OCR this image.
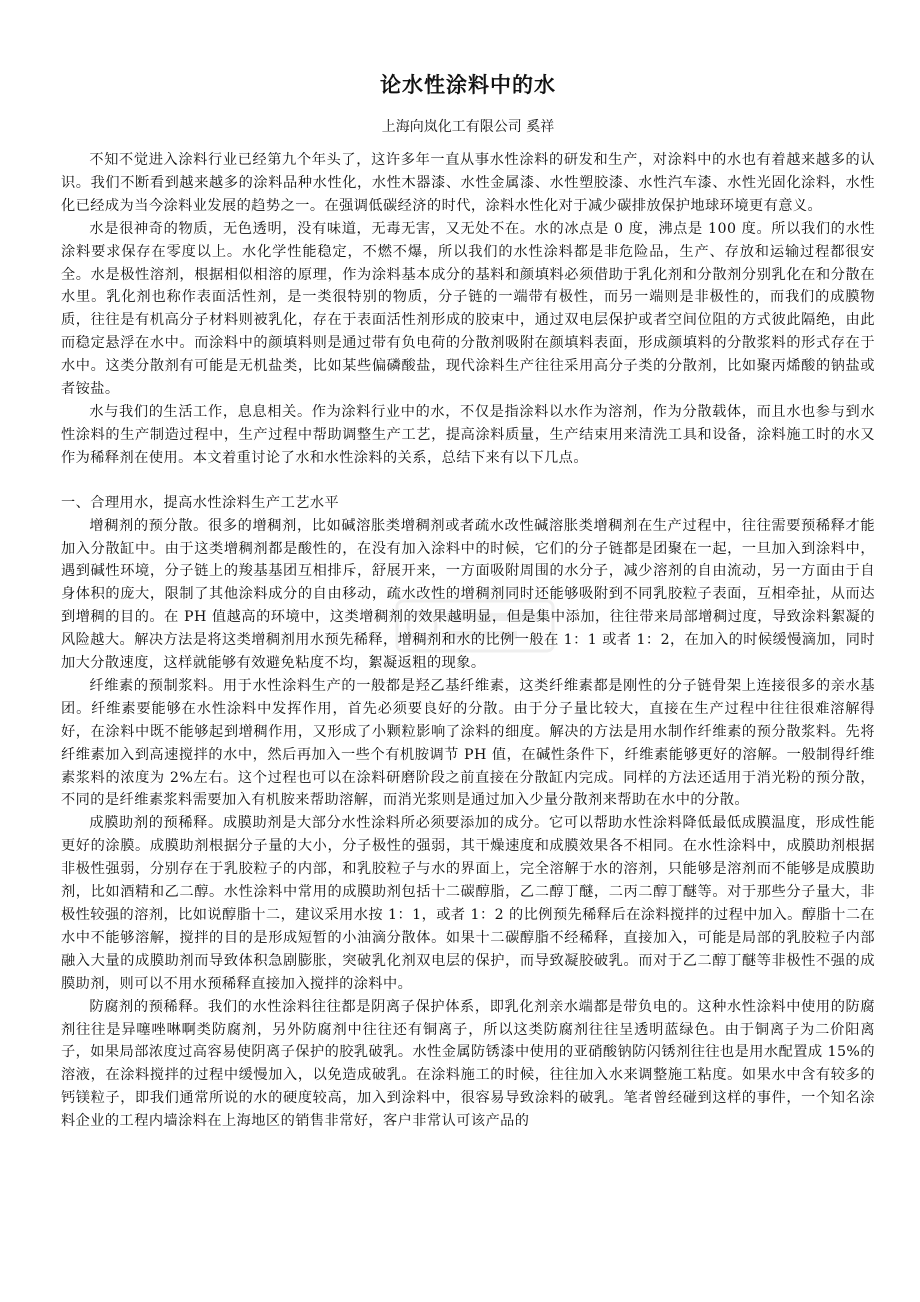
论水性涂料中的水
上海向岚化工有限公司 奚祥

不知不觉进入涂料行业已经第九个年头了，这许多年一直从事水性涂料的研发和生产，对涂料中的水也有着越来越多的认识。我们不断看到越来越多的涂料品种水性化，水性木器漆、水性金属漆、水性塑胶漆、水性汽车漆、水性光固化涂料，水性化已经成为当今涂料业发展的趋势之一。在强调低碳经济的时代，涂料水性化对于减少碳排放保护地球环境更有意义。

水是很神奇的物质，无色透明，没有味道，无毒无害，又无处不在。水的冰点是 0 度，沸点是 100 度。所以我们的水性涂料要求保存在零度以上。水化学性能稳定，不燃不爆，所以我们的水性涂料都是非危险品，生产、存放和运输过程都很安全。水是极性溶剂，根据相似相溶的原理，作为涂料基本成分的基料和颜填料必须借助于乳化剂和分散剂分别乳化在和分散在水里。乳化剂也称作表面活性剂，是一类很特别的物质，分子链的一端带有极性，而另一端则是非极性的，而我们的成膜物质，往往是有机高分子材料则被乳化，存在于表面活性剂形成的胶束中，通过双电层保护或者空间位阻的方式彼此隔绝，由此而稳定悬浮在水中。而涂料中的颜填料则是通过带有负电荷的分散剂吸附在颜填料表面，形成颜填料的分散浆料的形式存在于水中。这类分散剂有可能是无机盐类，比如某些偏磷酸盐，现代涂料生产往往采用高分子类的分散剂，比如聚丙烯酸的钠盐或者铵盐。

水与我们的生活工作，息息相关。作为涂料行业中的水，不仅是指涂料以水作为溶剂，作为分散载体，而且水也参与到水性涂料的生产制造过程中，生产过程中帮助调整生产工艺，提高涂料质量，生产结束用来清洗工具和设备，涂料施工时的水又作为稀释剂在使用。本文着重讨论了水和水性涂料的关系，总结下来有以下几点。

一、合理用水，提高水性涂料生产工艺水平

增稠剂的预分散。很多的增稠剂，比如碱溶胀类增稠剂或者疏水改性碱溶胀类增稠剂在生产过程中，往往需要预稀释才能加入分散缸中。由于这类增稠剂都是酸性的，在没有加入涂料中的时候，它们的分子链都是团聚在一起，一旦加入到涂料中，遇到碱性环境，分子链上的羧基基团互相排斥，舒展开来，一方面吸附周围的水分子，减少溶剂的自由流动，另一方面由于自身体积的庞大，限制了其他涂料成分的自由移动，疏水改性的增稠剂同时还能够吸附到不同乳胶粒子表面，互相牵扯，从而达到增稠的目的。在 PH 值越高的环境中，这类增稠剂的效果越明显，但是集中添加，往往带来局部增稠过度，导致涂料絮凝的风险越大。解决方法是将这类增稠剂用水预先稀释，增稠剂和水的比例一般在 1：1 或者 1：2，在加入的时候缓慢滴加，同时加大分散速度，这样就能够有效避免粘度不均，絮凝返粗的现象。

纤维素的预制浆料。用于水性涂料生产的一般都是羟乙基纤维素，这类纤维素都是刚性的分子链骨架上连接很多的亲水基团。纤维素要能够在水性涂料中发挥作用，首先必须要良好的分散。由于分子量比较大，直接在生产过程中往往很难溶解得好，在涂料中既不能够起到增稠作用，又形成了小颗粒影响了涂料的细度。解决的方法是用水制作纤维素的预分散浆料。先将纤维素加入到高速搅拌的水中，然后再加入一些个有机胺调节 PH 值，在碱性条件下，纤维素能够更好的溶解。一般制得纤维素浆料的浓度为 2%左右。这个过程也可以在涂料研磨阶段之前直接在分散缸内完成。同样的方法还适用于消光粉的预分散，不同的是纤维素浆料需要加入有机胺来帮助溶解，而消光浆则是通过加入少量分散剂来帮助在水中的分散。

成膜助剂的预稀释。成膜助剂是大部分水性涂料所必须要添加的成分。它可以帮助水性涂料降低最低成膜温度，形成性能更好的涂膜。成膜助剂根据分子量的大小，分子极性的强弱，其干燥速度和成膜效果各不相同。在水性涂料中，成膜助剂根据非极性强弱，分别存在于乳胶粒子的内部，和乳胶粒子与水的界面上，完全溶解于水的溶剂，只能够是溶剂而不能够是成膜助剂，比如酒精和乙二醇。水性涂料中常用的成膜助剂包括十二碳醇脂，乙二醇丁醚，二丙二醇丁醚等。对于那些分子量大，非极性较强的溶剂，比如说醇脂十二，建议采用水按 1：1，或者 1：2 的比例预先稀释后在涂料搅拌的过程中加入。醇脂十二在水中不能够溶解，搅拌的目的是形成短暂的小油滴分散体。如果十二碳醇脂不经稀释，直接加入，可能是局部的乳胶粒子内部融入大量的成膜助剂而导致体积急剧膨胀，突破乳化剂双电层的保护，而导致凝胶破乳。而对于乙二醇丁醚等非极性不强的成膜助剂，则可以不用水预稀释直接加入搅拌的涂料中。

防腐剂的预稀释。我们的水性涂料往往都是阴离子保护体系，即乳化剂亲水端都是带负电的。这种水性涂料中使用的防腐剂往往是异噻唑啉啊类防腐剂，另外防腐剂中往往还有铜离子，所以这类防腐剂往往呈透明蓝绿色。由于铜离子为二价阳离子，如果局部浓度过高容易使阴离子保护的胶乳破乳。水性金属防锈漆中使用的亚硝酸钠防闪锈剂往往也是用水配置成 15%的溶液，在涂料搅拌的过程中缓慢加入，以免造成破乳。在涂料施工的时候，往往加入水来调整施工粘度。如果水中含有较多的钙镁粒子，即我们通常所说的水的硬度较高，加入到涂料中，很容易导致涂料的破乳。笔者曾经碰到这样的事件，一个知名涂料企业的工程内墙涂料在上海地区的销售非常好，客户非常认可该产品的
